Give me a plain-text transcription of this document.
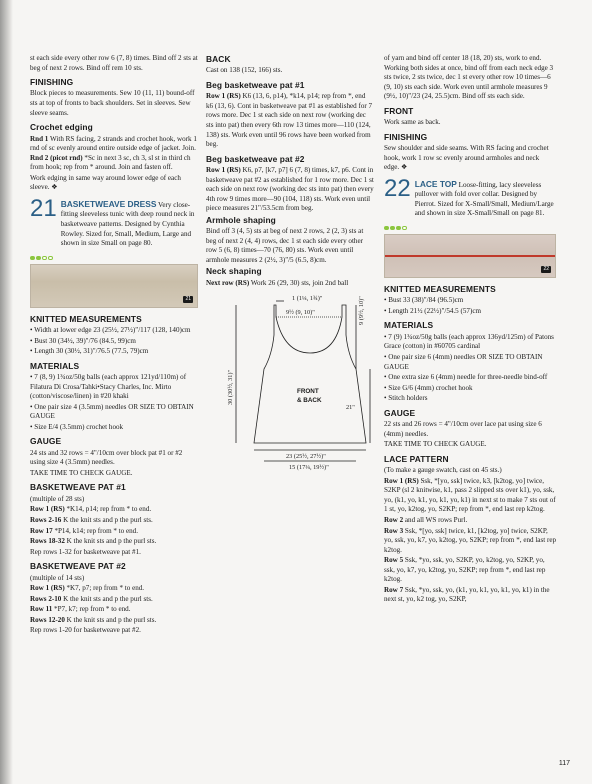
st each side every other row 6 (7, 8) times. Bind off 2 sts at beg of next 2 rows. Bind off rem 10 sts.

FINISHING

Block pieces to measurements. Sew 10 (11, 11) bound-off sts at top of fronts to back shoulders. Set in sleeves. Sew sleeve seams.

Crochet edging

Rnd 1 With RS facing, 2 strands and crochet hook, work 1 rnd of sc evenly around entire outside edge of jacket. Join. Rnd 2 (picot rnd) *Sc in next 3 sc, ch 3, sl st in third ch from hook; rep from * around. Join and fasten off.

Work edging in same way around lower edge of each sleeve. ❖

21 BASKETWEAVE DRESS Very close-fitting sleeveless tunic with deep round neck in basketweave patterns. Designed by Cynthia Rowley. Sized for, Small, Medium, Large and shown in size Small on page 80.

21
KNITTED MEASUREMENTS

• Width at lower edge 23 (25½, 27½)"/117 (128, 140)cm

• Bust 30 (34½, 39)"/76 (84.5, 99)cm

• Length 30 (30½, 31)"/76.5 (77.5, 79)cm

MATERIALS

• 7 (8, 9) 1¾oz/50g balls (each approx 121yd/110m) of Filatura Di Crosa/Tahki•Stacy Charles, Inc. Mirto (cotton/viscose/linen) in #20 khaki

• One pair size 4 (3.5mm) needles OR SIZE TO OBTAIN GAUGE

• Size E/4 (3.5mm) crochet hook

GAUGE

24 sts and 32 rows = 4"/10cm over block pat #1 or #2 using size 4 (3.5mm) needles.

TAKE TIME TO CHECK GAUGE.

BASKETWEAVE PAT #1

(multiple of 28 sts)

Row 1 (RS) *K14, p14; rep from * to end.

Rows 2-16 K the knit sts and p the purl sts.

Row 17 *P14, k14; rep from * to end.

Rows 18-32 K the knit sts and p the purl sts.

Rep rows 1-32 for basketweave pat #1.

BASKETWEAVE PAT #2

(multiple of 14 sts)

Row 1 (RS) *K7, p7; rep from * to end.

Rows 2-10 K the knit sts and p the purl sts.

Row 11 *P7, k7; rep from * to end.

Rows 12-20 K the knit sts and p the purl sts.

Rep rows 1-20 for basketweave pat #2.

BACK

Cast on 138 (152, 166) sts.

Beg basketweave pat #1

Row 1 (RS) K6 (13, 6, p14), *k14, p14; rep from *, end k6 (13, 6). Cont in basketweave pat #1 as established for 7 rows more. Dec 1 st each side on next row (working dec sts into pat) then every 6th row 13 times more—110 (124, 138) sts. Work even until 96 rows have been worked from beg.

Beg basketweave pat #2

Row 1 (RS) K6, p7, [k7, p7] 6 (7, 8) times, k7, p6. Cont in basketweave pat #2 as established for 1 row more. Dec 1 st each side on next row (working dec sts into pat) then every 4th row 9 times more—90 (104, 118) sts. Work even until piece measures 21"/53.5cm from beg.

Armhole shaping

Bind off 3 (4, 5) sts at beg of next 2 rows, 2 (2, 3) sts at beg of next 2 (4, 4) rows, dec 1 st each side every other row 5 (6, 8) times—70 (76, 80) sts. Work even until armhole measures 2 (2½, 3)"/5 (6.5, 8)cm.

Neck shaping

Next row (RS) Work 26 (29, 30) sts, join 2nd ball

1 (1¼, 1¾)"
9½ (9, 10)"	9 (9½, 10)"
FRONT
& BACK
30 (30½, 31)"
21"
23 (25½, 27½)"
15 (17¼, 19½)"

of yarn and bind off center 18 (18, 20) sts, work to end. Working both sides at once, bind off from each neck edge 3 sts twice, 2 sts twice, dec 1 st every other row 10 times—6 (9, 10) sts each side. Work even until armhole measures 9 (9½, 10)"/23 (24, 25.5)cm. Bind off sts each side.

FRONT

Work same as back.

FINISHING

Sew shoulder and side seams. With RS facing and crochet hook, work 1 row sc evenly around armholes and neck edge. ❖

22 LACE TOP Loose-fitting, lacy sleeveless pullover with fold over collar. Designed by Pierrot. Sized for X-Small/Small, Medium/Large and shown in size X-Small/Small on page 81.

22
KNITTED MEASUREMENTS

• Bust 33 (38)"/84 (96.5)cm

• Length 21½ (22½)"/54.5 (57)cm

MATERIALS

• 7 (9) 1¾oz/50g balls (each approx 136yd/125m) of Patons Grace (cotton) in #60705 cardinal

• One pair size 6 (4mm) needles OR SIZE TO OBTAIN GAUGE

• One extra size 6 (4mm) needle for three-needle bind-off

• Size G/6 (4mm) crochet hook

• Stitch holders

GAUGE

22 sts and 26 rows = 4"/10cm over lace pat using size 6 (4mm) needles.

TAKE TIME TO CHECK GAUGE.

LACE PATTERN

(To make a gauge swatch, cast on 45 sts.)

Row 1 (RS) Ssk, *[yo, ssk] twice, k3, [k2tog, yo] twice, S2KP (sl 2 knitwise, k1, pass 2 slipped sts over k1), yo, ssk, yo, (k1, yo, k1, yo, k1, yo, k1) in next st to make 7 sts out of 1 st, yo, k2tog, yo, S2KP; rep from *, end last rep k2tog.

Row 2 and all WS rows Purl.

Row 3 Ssk, *[yo, ssk] twice, k1, [k2tog, yo] twice, S2KP, yo, ssk, yo, k7, yo, k2tog, yo, S2KP; rep from *, end last rep k2tog.

Row 5 Ssk, *yo, ssk, yo, S2KP, yo, k2tog, yo, S2KP, yo, ssk, yo, k7, yo, k2tog, yo, S2KP; rep from *, end last rep k2tog.

Row 7 Ssk, *yo, ssk, yo, (k1, yo, k1, yo, k1, yo, k1) in the next st, yo, k2 tog, yo, S2KP,

117
